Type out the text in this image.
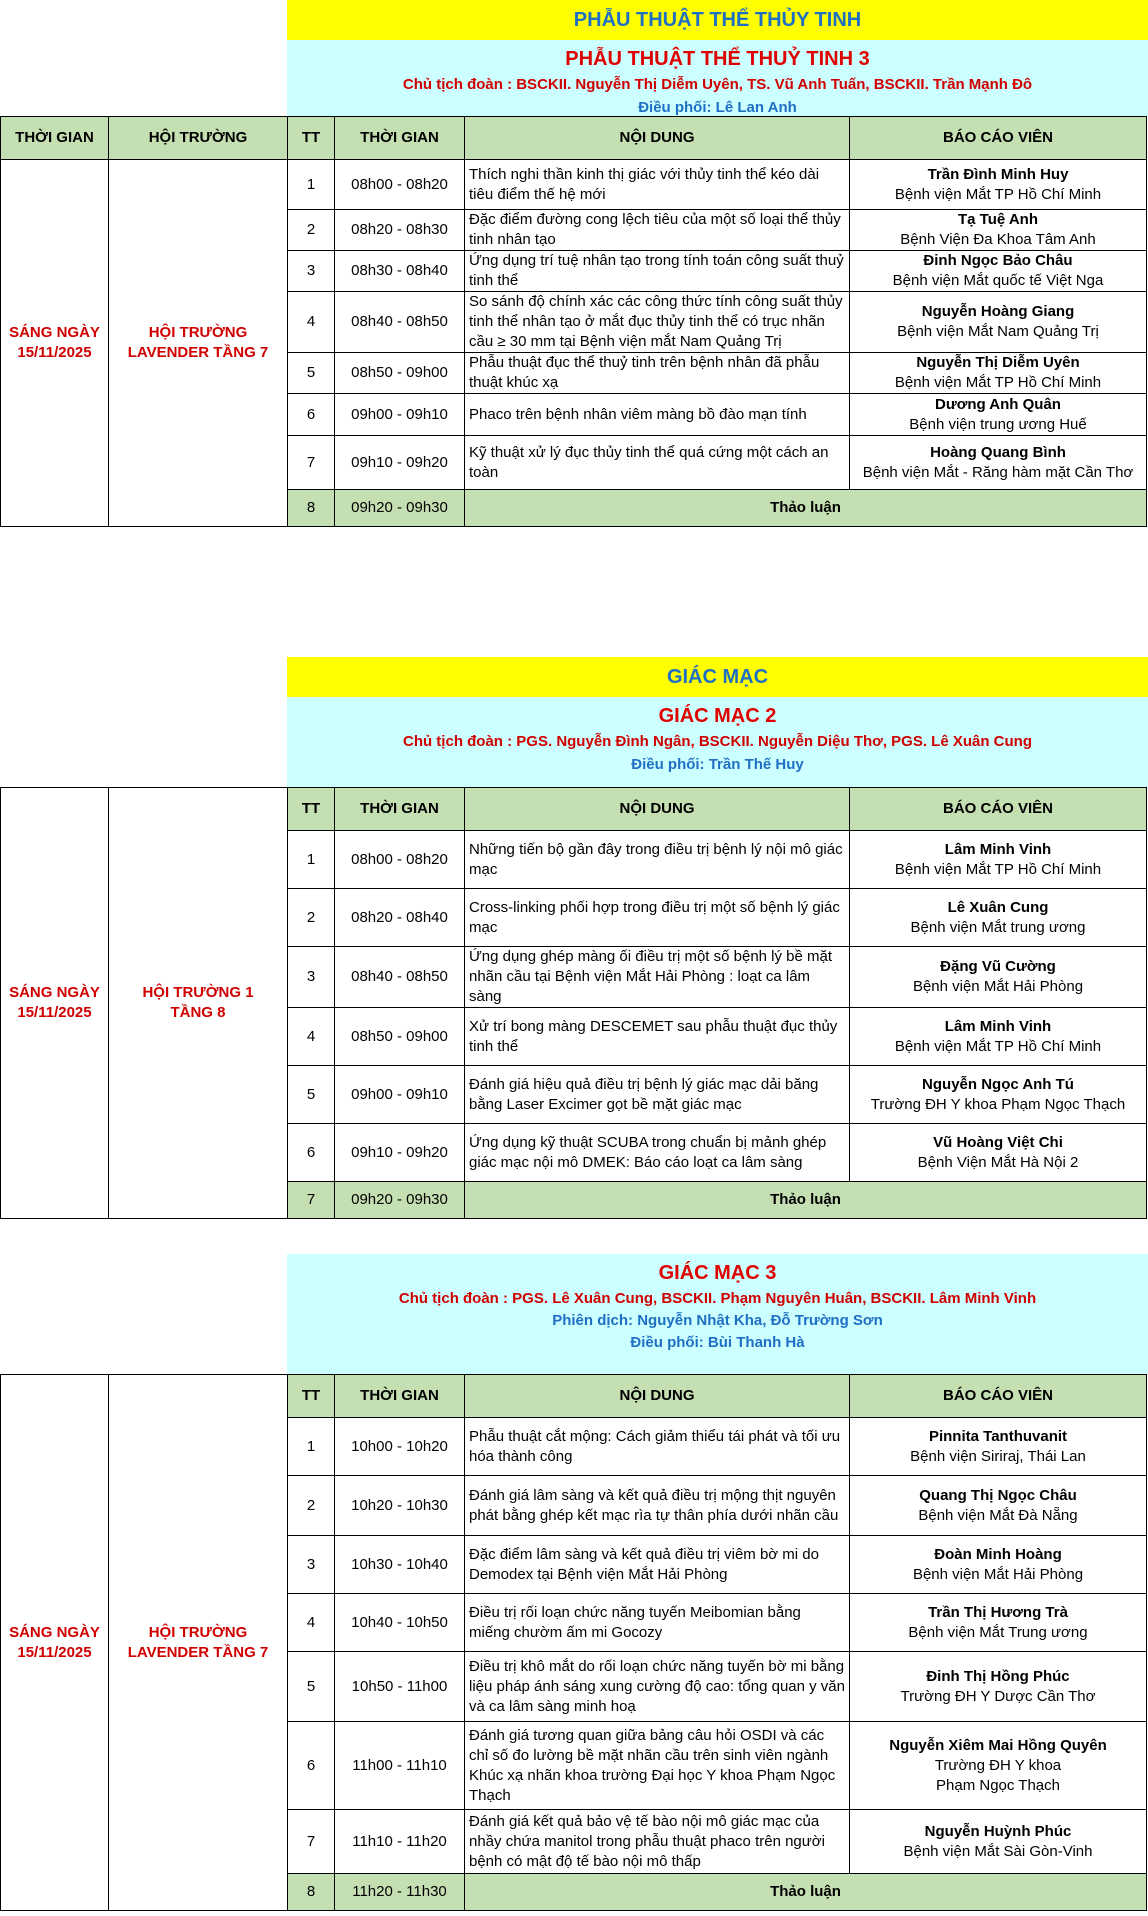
PHẪU THUẬT THỂ THỦY TINH
PHẪU THUẬT THỂ THUỶ TINH 3
Chủ tịch đoàn : BSCKII. Nguyễn Thị Diễm Uyên, TS. Vũ Anh Tuấn, BSCKII. Trần Mạnh Đô
Điều phối: Lê Lan Anh
THỜI GIAN	HỘI TRƯỜNG	TT	THỜI GIAN	NỘI DUNG	BÁO CÁO VIÊN
SÁNG NGÀY
15/11/2025	HỘI TRƯỜNG
LAVENDER TẦNG 7	1	08h00 - 08h20	Thích nghi thần kinh thị giác với thủy tinh thể kéo dài tiêu điểm thế hệ mới	Trần Đình Minh Huy
Bệnh viện Mắt TP Hồ Chí Minh
		2	08h20 - 08h30	Đặc điểm đường cong lệch tiêu của một số loại thể thủy tinh nhân tạo	Tạ Tuệ Anh
Bệnh Viện Đa Khoa Tâm Anh
		3	08h30 - 08h40	Ứng dụng trí tuệ nhân tạo trong tính toán công suất thuỷ tinh thể	Đinh Ngọc Bảo Châu
Bệnh viện Mắt quốc tế Việt Nga
		4	08h40 - 08h50	So sánh độ chính xác các công thức tính công suất thủy tinh thể nhân tạo ở mắt đục thủy tinh thể có trục nhãn cầu ≥ 30 mm tại Bệnh viện mắt Nam Quảng Trị	Nguyễn Hoàng Giang
Bệnh viện Mắt Nam Quảng Trị
		5	08h50 - 09h00	Phẫu thuật đục thể thuỷ tinh trên bệnh nhân đã phẫu thuật khúc xạ	Nguyễn Thị Diễm Uyên
Bệnh viện Mắt TP Hồ Chí Minh
		6	09h00 - 09h10	Phaco trên bệnh nhân viêm màng bồ đào mạn tính	Dương Anh Quân
Bệnh viện trung ương Huế
		7	09h10 - 09h20	Kỹ thuật xử lý đục thủy tinh thể quá cứng một cách an toàn	Hoàng Quang Bình
Bệnh viện Mắt - Răng hàm mặt Cần Thơ
		8	09h20 - 09h30	Thảo luận	
GIÁC MẠC
GIÁC MẠC 2
Chủ tịch đoàn : PGS. Nguyễn Đình Ngân, BSCKII. Nguyễn Diệu Thơ, PGS. Lê Xuân Cung
Điều phối: Trần Thế Huy
SÁNG NGÀY
15/11/2025	HỘI TRƯỜNG 1
TẦNG 8	TT	THỜI GIAN	NỘI DUNG	BÁO CÁO VIÊN
		1	08h00 - 08h20	Những tiến bộ gần đây trong điều trị bệnh lý nội mô giác mạc	Lâm Minh Vinh
Bệnh viện Mắt TP Hồ Chí Minh
		2	08h20 - 08h40	Cross-linking phối hợp trong điều trị một số bệnh lý giác mạc	Lê Xuân Cung
Bệnh viện Mắt trung ương
		3	08h40 - 08h50	Ứng dụng ghép màng ối điều trị một số bệnh lý bề mặt nhãn cầu tại Bệnh viện Mắt Hải Phòng : loạt ca lâm sàng	Đặng Vũ Cường
Bệnh viện Mắt Hải Phòng
		4	08h50 - 09h00	Xử trí bong màng DESCEMET sau phẫu thuật đục thủy tinh thể	Lâm Minh Vinh
Bệnh viện Mắt TP Hồ Chí Minh
		5	09h00 - 09h10	Đánh giá hiệu quả điều trị bệnh lý giác mạc dải băng bằng Laser Excimer gọt bề mặt giác mạc	Nguyễn Ngọc Anh Tú
Trường ĐH Y khoa Phạm Ngọc Thạch
		6	09h10 - 09h20	Ứng dụng kỹ thuật SCUBA trong chuẩn bị mảnh ghép giác mạc nội mô DMEK: Báo cáo loạt ca lâm sàng	Vũ Hoàng Việt Chi
Bệnh Viện Mắt Hà Nội 2
		7	09h20 - 09h30	Thảo luận	
GIÁC MẠC 3
Chủ tịch đoàn : PGS. Lê Xuân Cung, BSCKII. Phạm Nguyên Huân, BSCKII. Lâm Minh Vinh
Phiên dịch: Nguyễn Nhật Kha, Đỗ Trường Sơn
Điều phối: Bùi Thanh Hà
SÁNG NGÀY
15/11/2025	HỘI TRƯỜNG
LAVENDER TẦNG 7	TT	THỜI GIAN	NỘI DUNG	BÁO CÁO VIÊN
		1	10h00 - 10h20	Phẫu thuật cắt mộng: Cách giảm thiểu tái phát và tối ưu hóa thành công	Pinnita Tanthuvanit
Bệnh viện Siriraj, Thái Lan
		2	10h20 - 10h30	Đánh giá lâm sàng và kết quả điều trị mộng thịt nguyên phát bằng ghép kết mạc rìa tự thân phía dưới nhãn cầu	Quang Thị Ngọc Châu
Bệnh viện Mắt Đà Nẵng
		3	10h30 - 10h40	Đặc điểm lâm sàng và kết quả điều trị viêm bờ mi do Demodex tại Bệnh viện Mắt Hải Phòng	Đoàn Minh Hoàng
Bệnh viện Mắt Hải Phòng
		4	10h40 - 10h50	Điều trị rối loạn chức năng tuyến Meibomian bằng miếng chườm ấm mi Gocozy	Trần Thị Hương Trà
Bệnh viện Mắt Trung ương
		5	10h50 - 11h00	Điều trị khô mắt do rối loạn chức năng tuyến bờ mi bằng liệu pháp ánh sáng xung cường độ cao: tổng quan y văn và ca lâm sàng minh hoạ	Đinh Thị Hồng Phúc
Trường ĐH Y Dược Cần Thơ
		6	11h00 - 11h10	Đánh giá tương quan giữa bảng câu hỏi OSDI và các chỉ số đo lường bề mặt nhãn cầu trên sinh viên ngành Khúc xạ nhãn khoa trường Đại học Y khoa Phạm Ngọc Thạch	Nguyễn Xiêm Mai Hồng Quyên
Trường ĐH Y khoa
Phạm Ngọc Thạch
		7	11h10 - 11h20	Đánh giá kết quả bảo vệ tế bào nội mô giác mạc của nhầy chứa manitol trong phẫu thuật phaco trên người bệnh có mật độ tế bào nội mô thấp	Nguyễn Huỳnh Phúc
Bệnh viện Mắt Sài Gòn-Vinh
		8	11h20 - 11h30	Thảo luận	
